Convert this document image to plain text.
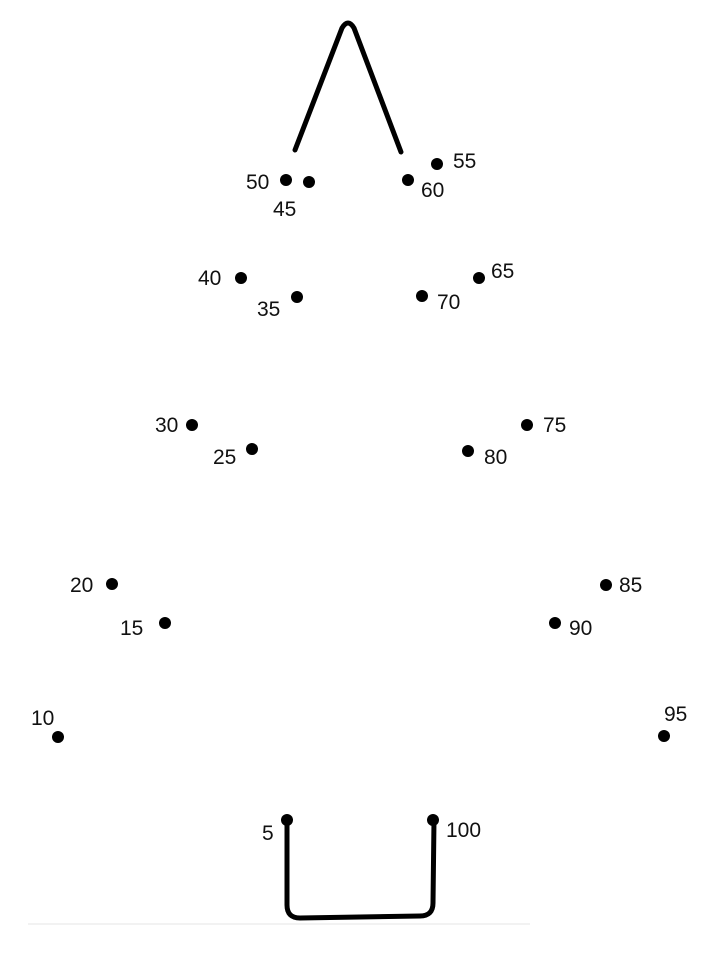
5
10
15
20
25
30
35
40
45
50
55
60
65
70
75
80
85
90
95
100
